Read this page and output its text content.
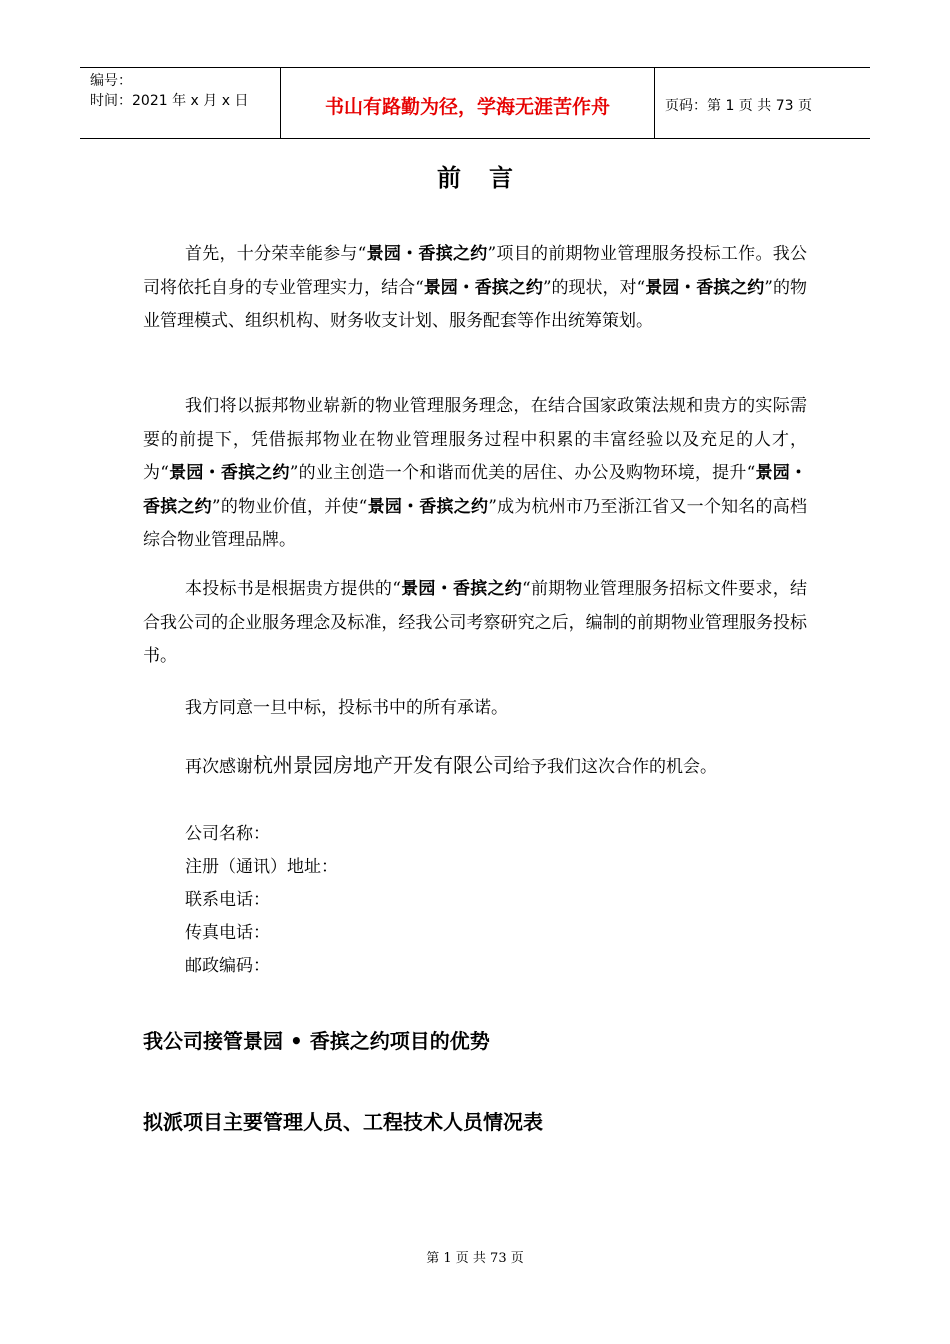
编号：
时间：2021 年 x 月 x 日	书山有路勤为径，学海无涯苦作舟	页码：第 1 页 共 73 页
前言

首先，十分荣幸能参与“景园・香摈之约”项目的前期物业管理服务投标工作。我公司将依托自身的专业管理实力，结合“景园・香摈之约”的现状，对“景园・香摈之约”的物业管理模式、组织机构、财务收支计划、服务配套等作出统筹策划。

我们将以振邦物业崭新的物业管理服务理念，在结合国家政策法规和贵方的实际需要的前提下，凭借振邦物业在物业管理服务过程中积累的丰富经验以及充足的人才，为“景园・香摈之约”的业主创造一个和谐而优美的居住、办公及购物环境，提升“景园・香摈之约”的物业价值，并使“景园・香摈之约”成为杭州市乃至浙江省又一个知名的高档综合物业管理品牌。

本投标书是根据贵方提供的“景园・香摈之约“前期物业管理服务招标文件要求，结合我公司的企业服务理念及标准，经我公司考察研究之后，编制的前期物业管理服务投标书。

我方同意一旦中标，投标书中的所有承诺。

再次感谢杭州景园房地产开发有限公司给予我们这次合作的机会。

公司名称：
注册（通讯）地址：
联系电话：
传真电话：
邮政编码：
我公司接管景园 • 香摈之约项目的优势
拟派项目主要管理人员、工程技术人员情况表
第 1 页 共 73 页
